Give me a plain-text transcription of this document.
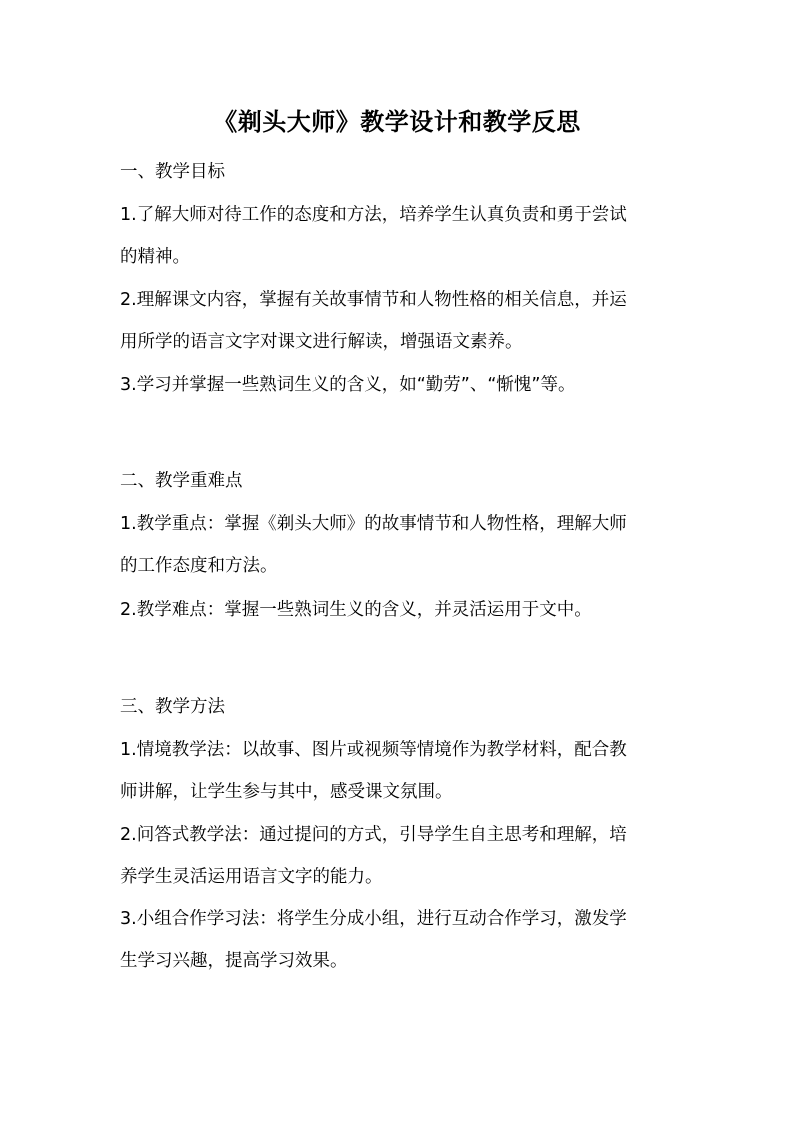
《剃头大师》教学设计和教学反思

一、教学目标

1.了解大师对待工作的态度和方法，培养学生认真负责和勇于尝试

的精神。

2.理解课文内容，掌握有关故事情节和人物性格的相关信息，并运

用所学的语言文字对课文进行解读，增强语文素养。

3.学习并掌握一些熟词生义的含义，如“勤劳”、“惭愧”等。

二、教学重难点

1.教学重点：掌握《剃头大师》的故事情节和人物性格，理解大师

的工作态度和方法。

2.教学难点：掌握一些熟词生义的含义，并灵活运用于文中。

三、教学方法

1.情境教学法：以故事、图片或视频等情境作为教学材料，配合教

师讲解，让学生参与其中，感受课文氛围。

2.问答式教学法：通过提问的方式，引导学生自主思考和理解，培

养学生灵活运用语言文字的能力。

3.小组合作学习法：将学生分成小组，进行互动合作学习，激发学

生学习兴趣，提高学习效果。
